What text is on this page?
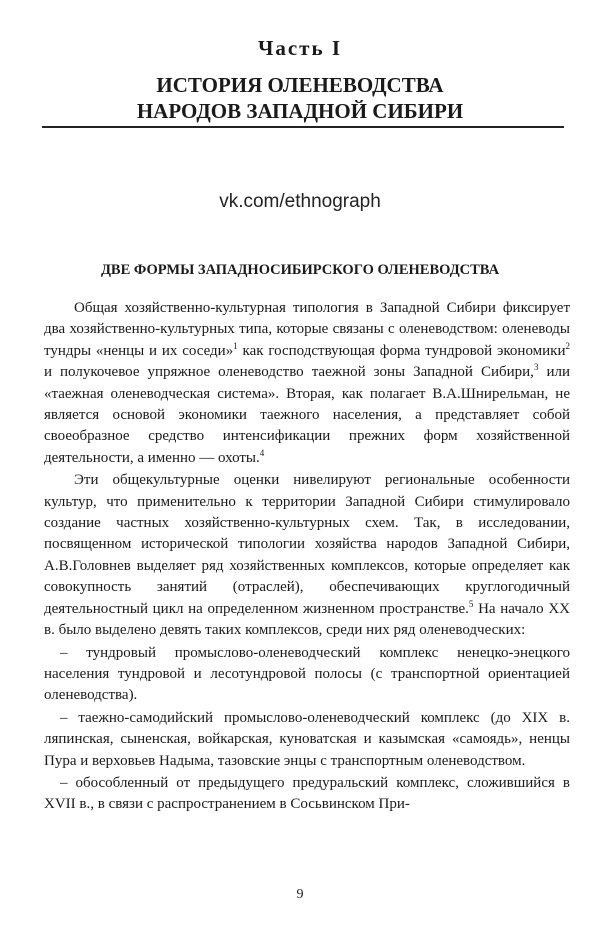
Часть I
ИСТОРИЯ ОЛЕНЕВОДСТВА
НАРОДОВ ЗАПАДНОЙ СИБИРИ
vk.com/ethnograph
ДВЕ ФОРМЫ ЗАПАДНОСИБИРСКОГО ОЛЕНЕВОДСТВА

Общая хозяйственно-культурная типология в Западной Сибири фиксирует два хозяйственно-культурных типа, которые связаны с оленеводством: оленеводы тундры «ненцы и их соседи»$^1$ как господствующая форма тундровой экономики$^2$ и полукочевое упряжное оленеводство таежной зоны Западной Сибири,$^3$ или «таежная оленеводческая система». Вторая, как полагает В.А.Шнирельман, не является основой экономики таежного населения, а представляет собой своеобразное средство интенсификации прежних форм хозяйственной деятельности, а именно — охоты.$^4$

Эти общекультурные оценки нивелируют региональные особенности культур, что применительно к территории Западной Сибири стимулировало создание частных хозяйственно-культурных схем. Так, в исследовании, посвященном исторической типологии хозяйства народов Западной Сибири, А.В.Головнев выделяет ряд хозяйственных комплексов, которые определяет как совокупность занятий (отраслей), обеспечивающих круглогодичный деятельностный цикл на определенном жизненном пространстве.$^5$ На начало XX в. было выделено девять таких комплексов, среди них ряд оленеводческих:

– тундровый промыслово-оленеводческий комплекс ненецко-энецкого населения тундровой и лесотундровой полосы (с транспортной ориентацией оленеводства).

– таежно-самодийский промыслово-оленеводческий комплекс (до XIX в. ляпинская, сыненская, войкарская, куноватская и казымская «самоядь», ненцы Пура и верховьев Надыма, тазовские энцы с транспортным оленеводством.

– обособленный от предыдущего предуральский комплекс, сложившийся в XVII в., в связи с распространением в Сосьвинском При-

9
